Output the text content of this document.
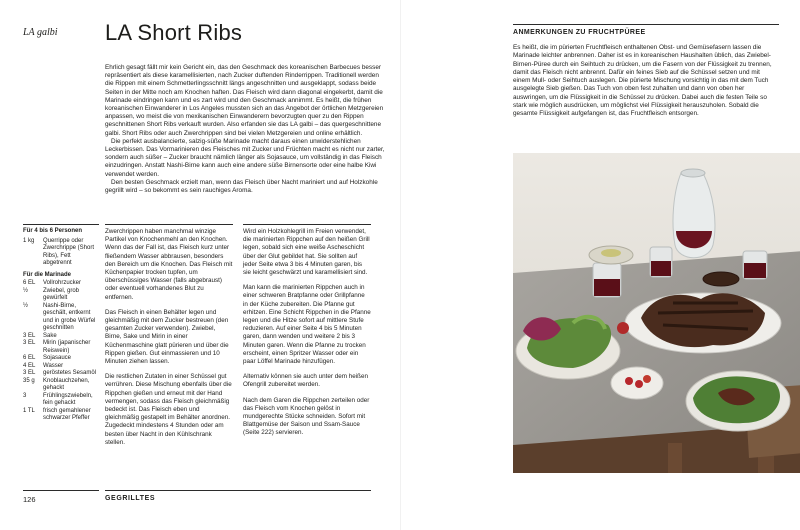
LA galbi LA Short Ribs

Ehrlich gesagt fällt mir kein Gericht ein, das den Geschmack des koreanischen Barbecues besser repräsentiert als diese karamellisierten, nach Zucker duftenden Rinderrippen. Traditionell werden die Rippen mit einem Schmetterlingsschnitt längs angeschnitten und ausgeklappt, sodass beide Seiten in der Mitte noch am Knochen haften. Das Fleisch wird dann diagonal eingekerbt, damit die Marinade eindringen kann und es zart wird und den Geschmack annimmt. Es heißt, die frühen koreanischen Einwanderer in Los Angeles mussten sich an das Angebot der örtlichen Metzgereien anpassen, wo meist die von mexikanischen Einwanderern bevorzugten quer zu den Rippen geschnittenen Short Ribs verkauft wurden. Also erfanden sie das LA galbi – das quergeschnittene galbi. Short Ribs oder auch Zwerchrippen sind bei vielen Metzgereien und online erhältlich.

Die perfekt ausbalancierte, salzig-süße Marinade macht daraus einen unwiderstehlichen Leckerbissen. Das Vormarinieren des Fleisches mit Zucker und Früchten macht es nicht nur zarter, sondern auch süßer – Zucker braucht nämlich länger als Sojasauce, um vollständig in das Fleisch einzudringen. Anstatt Nashi-Birne kann auch eine andere süße Birnensorte oder eine halbe Kiwi verwendet werden.

Den besten Geschmack erzielt man, wenn das Fleisch über Nacht mariniert und auf Holzkohle gegrillt wird – so bekommt es sein rauchiges Aroma.

Für 4 bis 6 Personen
1 kg	Querrippe oder Zwerchrippe (Short Ribs), Fett abgetrennt
Für die Marinade
6 EL	Vollrohrzucker
½	Zwiebel, grob gewürfelt
½	Nashi-Birne, geschält, entkernt und in grobe Würfel geschnitten
3 EL	Sake
3 EL	Mirin (japanischer Reiswein)
6 EL	Sojasauce
4 EL	Wasser
3 EL	geröstetes Sesamöl
35 g	Knoblauchzehen, gehackt
3	Frühlingszwiebeln, fein gehackt
1 TL	frisch gemahlener schwarzer Pfeffer

Zwerchrippen haben manchmal winzige Partikel von Knochenmehl an den Knochen. Wenn das der Fall ist, das Fleisch kurz unter fließendem Wasser abbrausen, besonders den Bereich um die Knochen. Das Fleisch mit Küchenpapier trocken tupfen, um überschüssiges Wasser (falls abgebraust) oder eventuell vorhandenes Blut zu entfernen.

Das Fleisch in einen Behälter legen und gleichmäßig mit dem Zucker bestreuen (den gesamten Zucker verwenden). Zwiebel, Birne, Sake und Mirin in einer Küchenmaschine glatt pürieren und über die Rippen gießen. Gut einmassieren und 10 Minuten ziehen lassen.

Die restlichen Zutaten in einer Schüssel gut verrühren. Diese Mischung ebenfalls über die Rippchen gießen und erneut mit der Hand vermengen, sodass das Fleisch gleichmäßig bedeckt ist. Das Fleisch eben und gleichmäßig gestapelt im Behälter anordnen. Zugedeckt mindestens 4 Stunden oder am besten über Nacht in den Kühlschrank stellen.

Wird ein Holzkohlegrill im Freien verwendet, die marinierten Rippchen auf den heißen Grill legen, sobald sich eine weiße Ascheschicht über der Glut gebildet hat. Sie sollten auf jeder Seite etwa 3 bis 4 Minuten garen, bis sie leicht geschwärzt und karamellisiert sind.

Man kann die marinierten Rippchen auch in einer schweren Bratpfanne oder Grillpfanne in der Küche zubereiten. Die Pfanne gut erhitzen. Eine Schicht Rippchen in die Pfanne legen und die Hitze sofort auf mittlere Stufe reduzieren. Auf einer Seite 4 bis 5 Minuten garen, dann wenden und weitere 2 bis 3 Minuten garen. Wenn die Pfanne zu trocken erscheint, einen Spritzer Wasser oder ein paar Löffel Marinade hinzufügen.

Alternativ können sie auch unter dem heißen Ofengrill zubereitet werden.

Nach dem Garen die Rippchen zerteilen oder das Fleisch vom Knochen gelöst in mundgerechte Stücke schneiden. Sofort mit Blattgemüse der Saison und Ssam-Sauce (Seite 222) servieren.

126	GEGRILLTES
ANMERKUNGEN ZU FRUCHTPÜREE

Es heißt, die im pürierten Fruchtfleisch enthaltenen Obst- und Gemüsefasern lassen die Marinade leichter anbrennen. Daher ist es in koreanischen Haushalten üblich, das Zwiebel-Birnen-Püree durch ein Seihtuch zu drücken, um die Fasern von der Flüssigkeit zu trennen, damit das Fleisch nicht anbrennt. Dafür ein feines Sieb auf die Schüssel setzen und mit einem Mull- oder Seihtuch auslegen. Die pürierte Mischung vorsichtig in das mit dem Tuch ausgelegte Sieb gießen. Das Tuch von oben fest zuhalten und dann von oben her auswringen, um die Flüssigkeit in die Schüssel zu drücken. Dabei auch die festen Teile so stark wie möglich ausdrücken, um möglichst viel Flüssigkeit herauszuholen. Sobald die gesamte Flüssigkeit aufgefangen ist, das Fruchtfleisch entsorgen.
